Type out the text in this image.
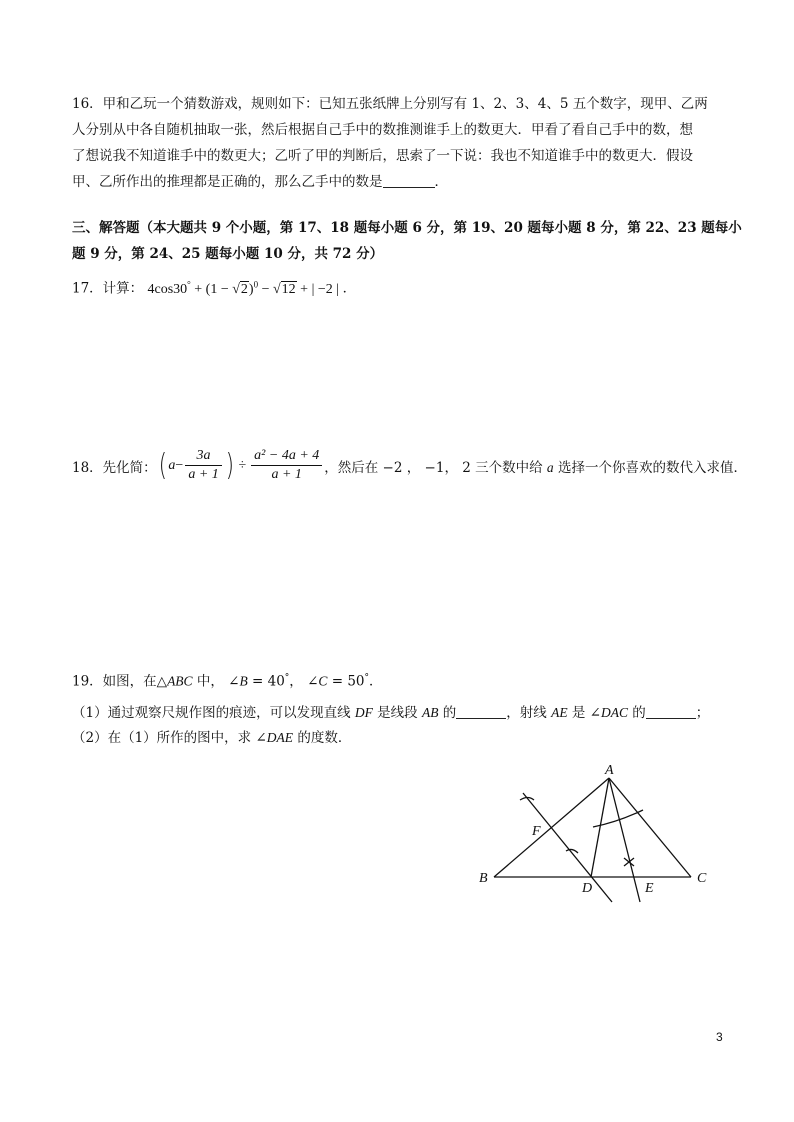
16．甲和乙玩一个猜数游戏，规则如下：已知五张纸牌上分别写有 1、2、3、4、5 五个数字，现甲、乙两
人分别从中各自随机抽取一张，然后根据自己手中的数推测谁手上的数更大．甲看了看自己手中的数，想
了想说我不知道谁手中的数更大；乙听了甲的判断后，思索了一下说：我也不知道谁手中的数更大．假设
甲、乙所作出的推理都是正确的，那么乙手中的数是	．
三、解答题（本大题共 9 个小题，第 17、18 题每小题 6 分，第 19、20 题每小题 8 分，第 22、23 题每小
题 9 分，第 24、25 题每小题 10 分，共 72 分）
17．计算： $4\cos 30^\circ + (1 - √2)^0 - √12$ + | −2 | ．
18．先化简： ( $a - \frac{3a}{a + 1}$ ) ÷ $\frac{\text{a² − 4a + 4}}{a + 1}$ ，然后在 −2 ， −1， 2 三个数中给 a 选择一个你喜欢的数代入求值．
19．如图，在△ABC 中， ∠B = 40°， ∠C = 50°．
（1）通过观察尺规作图的痕迹，可以发现直线 DF 是线段 AB 的	，射线 AE 是 ∠DAC 的	；
（2）在（1）所作的图中，求 ∠DAE 的度数．
A
B	C
D	E
F
3
